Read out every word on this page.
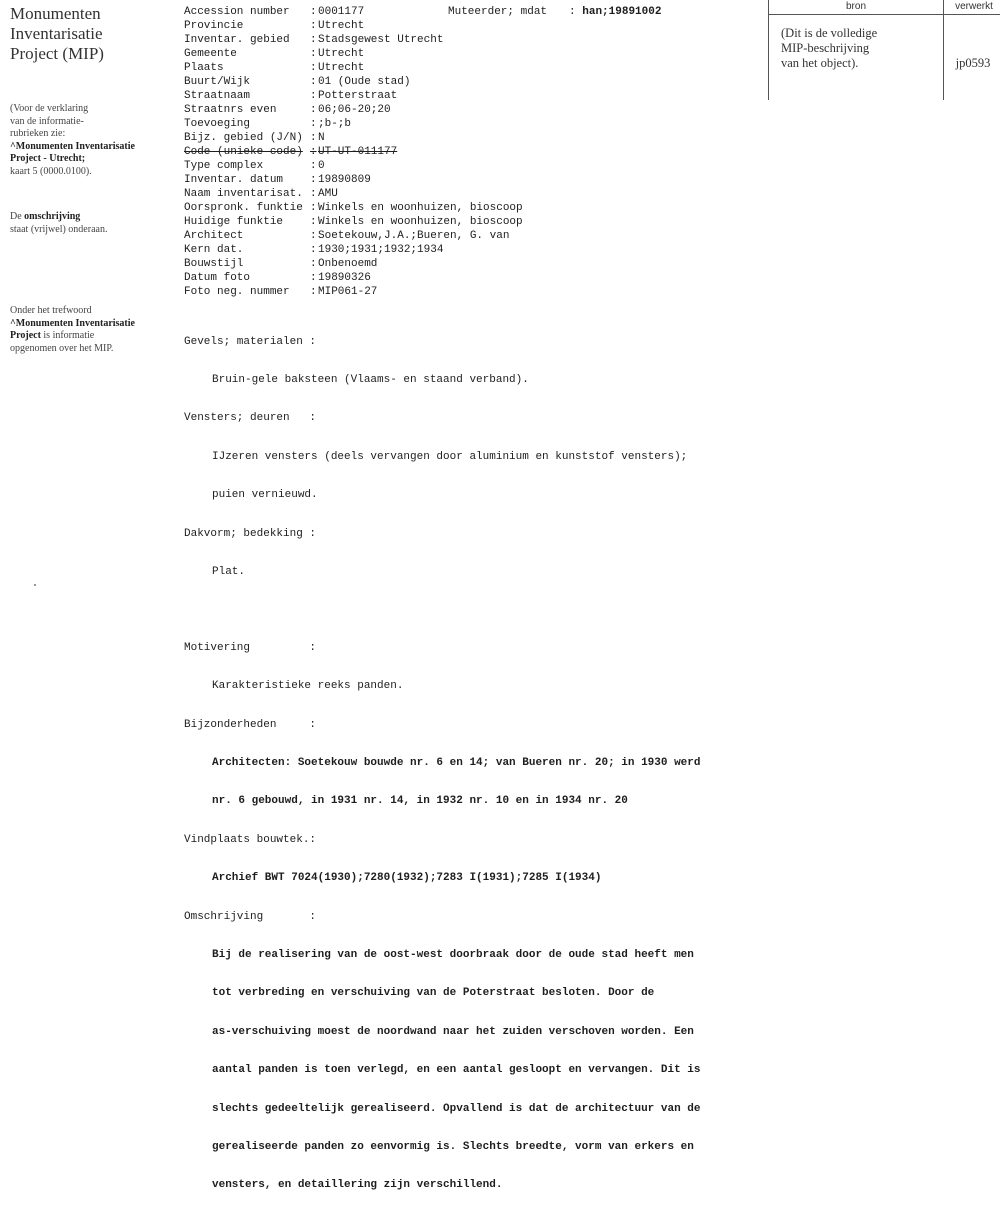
Monumenten
Inventarisatie
Project (MIP)
(Voor de verklaring
van de informatie-
rubrieken zie:
^Monumenten Inventarisatie
Project - Utrecht;
kaart 5 (0000.0100).
De omschrijving
staat (vrijwel) onderaan.
Onder het trefwoord
^Monumenten Inventarisatie
Project is informatie
opgenomen over het MIP.
Accession number	: 0001177
Provincie	: Utrecht
Inventar. gebied	: Stadsgewest Utrecht
Gemeente	: Utrecht
Plaats	: Utrecht
Buurt/Wijk	: 01 (Oude stad)
Straatnaam	: Potterstraat
Straatnrs even	: 06;06-20;20
Toevoeging	: ;b-;b
Bijz. gebied (J/N) : N
Code (unieke code) : UT-UT-011177
Type complex	: 0
Inventar. datum	: 19890809
Naam inventarisat. : AMU
Oorspronk. funktie : Winkels en woonhuizen, bioscoop
Huidige funktie	: Winkels en woonhuizen, bioscoop
Architect	: Soetekouw,J.A.;Bueren, G. van
Kern dat.	: 1930;1931;1932;1934
Bouwstijl	: Onbenoemd
Datum foto	: 19890326
Foto neg. nummer	: MIP061-27
Muteerder; mdat : han;19891002

Gevels; materialen :

Bruin-gele baksteen (Vlaams- en staand verband).

Vensters; deuren   :

IJzeren vensters (deels vervangen door aluminium en kunststof vensters);

puien vernieuwd.

Dakvorm; bedekking :

Plat.

Motivering         :

Karakteristieke reeks panden.

Bijzonderheden     :

Architecten: Soetekouw bouwde nr. 6 en 14; van Bueren nr. 20; in 1930 werd

nr. 6 gebouwd, in 1931 nr. 14, in 1932 nr. 10 en in 1934 nr. 20

Vindplaats bouwtek.:

Archief BWT 7024(1930);7280(1932);7283 I(1931);7285 I(1934)

Omschrijving       :

Bij de realisering van de oost-west doorbraak door de oude stad heeft men

tot verbreding en verschuiving van de Poterstraat besloten. Door de

as-verschuiving moest de noordwand naar het zuiden verschoven worden. Een

aantal panden is toen verlegd, en een aantal gesloopt en vervangen. Dit is

slechts gedeeltelijk gerealiseerd. Opvallend is dat de architectuur van de

gerealiseerde panden zo eenvormig is. Slechts breedte, vorm van erkers en

vensters, en detaillering zijn verschillend.

bron	verwerkt
(Dit is de volledige
MIP-beschrijving
van het object).	jp0593
